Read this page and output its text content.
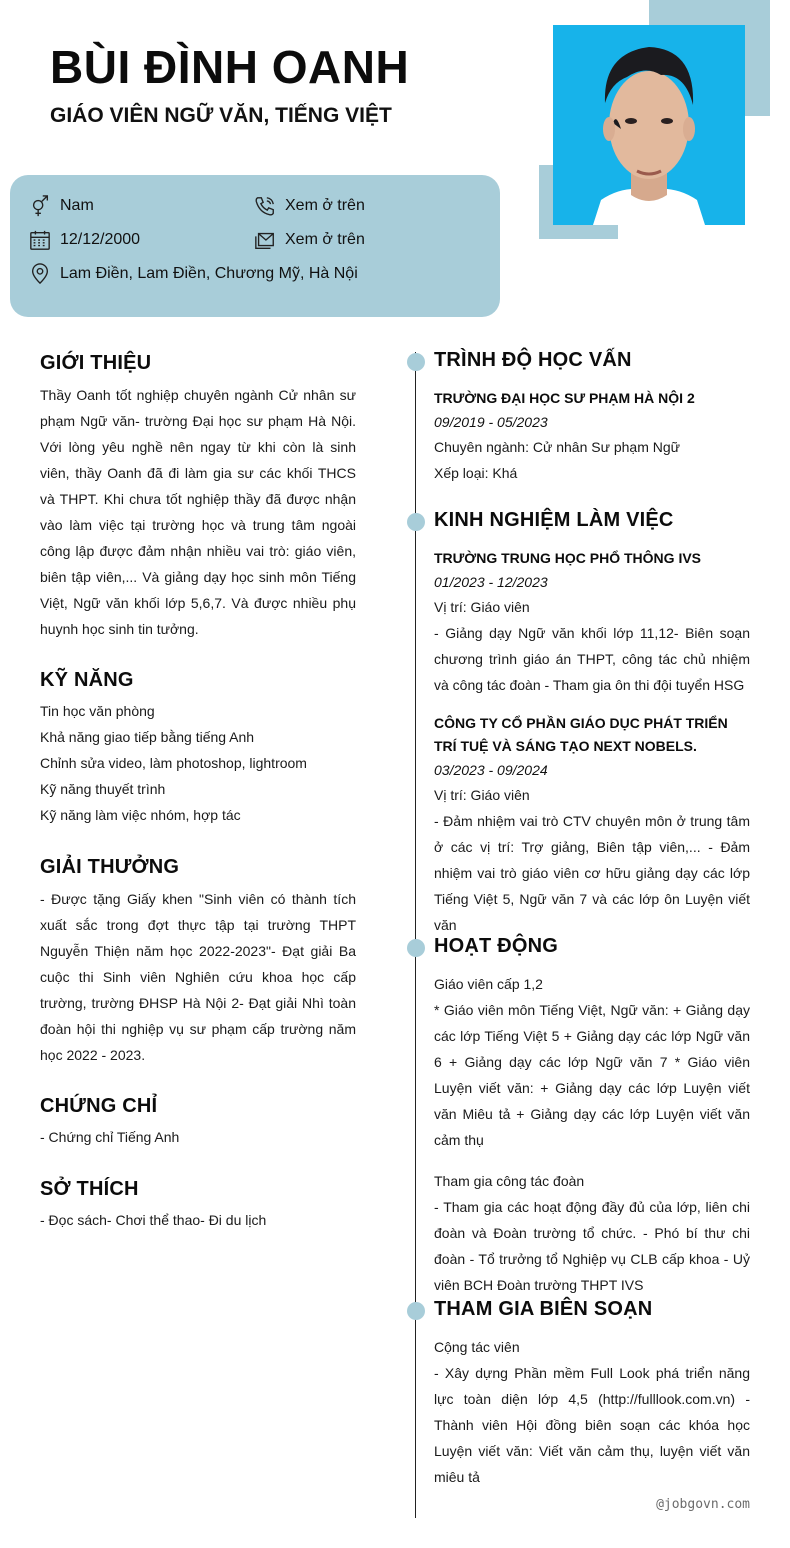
BÙI ĐÌNH OANH
GIÁO VIÊN NGỮ VĂN, TIẾNG VIỆT
Nam	Xem ở trên
12/12/2000	Xem ở trên
Lam Điền, Lam Điền, Chương Mỹ, Hà Nội
GIỚI THIỆU
Thầy Oanh tốt nghiệp chuyên ngành Cử nhân sư phạm Ngữ văn- trường Đại học sư phạm Hà Nội. Với lòng yêu nghề nên ngay từ khi còn là sinh viên, thầy Oanh đã đi làm gia sư các khối THCS và THPT. Khi chưa tốt nghiệp thầy đã được nhận vào làm việc tại trường học và trung tâm ngoài công lập được đảm nhận nhiều vai trò: giáo viên, biên tập viên,... Và giảng dạy học sinh môn Tiếng Việt, Ngữ văn khối lớp 5,6,7. Và được nhiều phụ huynh học sinh tin tưởng.
KỸ NĂNG
Tin học văn phòng
Khả năng giao tiếp bằng tiếng Anh
Chỉnh sửa video, làm photoshop, lightroom
Kỹ năng thuyết trình
Kỹ năng làm việc nhóm, hợp tác
GIẢI THƯỞNG
- Được tặng Giấy khen "Sinh viên có thành tích xuất sắc trong đợt thực tập tại trường THPT Nguyễn Thiện năm học 2022-2023"- Đạt giải Ba cuộc thi Sinh viên Nghiên cứu khoa học cấp trường, trường ĐHSP Hà Nội 2- Đạt giải Nhì toàn đoàn hội thi nghiệp vụ sư phạm cấp trường năm học 2022 - 2023.
CHỨNG CHỈ
- Chứng chỉ Tiếng Anh
SỞ THÍCH
- Đọc sách- Chơi thể thao- Đi du lịch
TRÌNH ĐỘ HỌC VẤN
TRƯỜNG ĐẠI HỌC SƯ PHẠM HÀ NỘI 2
09/2019 - 05/2023
Chuyên ngành: Cử nhân Sư phạm Ngữ
Xếp loại: Khá
KINH NGHIỆM LÀM VIỆC
TRƯỜNG TRUNG HỌC PHỔ THÔNG IVS
01/2023 - 12/2023
Vị trí: Giáo viên
- Giảng dạy Ngữ văn khối lớp 11,12- Biên soạn chương trình giáo án THPT, công tác chủ nhiệm và công tác đoàn - Tham gia ôn thi đội tuyển HSG
CÔNG TY CỔ PHẦN GIÁO DỤC PHÁT TRIỂN TRÍ TUỆ VÀ SÁNG TẠO NEXT NOBELS.
03/2023 - 09/2024
Vị trí: Giáo viên
- Đảm nhiệm vai trò CTV chuyên môn ở trung tâm ở các vị trí: Trợ giảng, Biên tập viên,... - Đảm nhiệm vai trò giáo viên cơ hữu giảng dạy các lớp Tiếng Việt 5, Ngữ văn 7 và các lớp ôn Luyện viết văn
HOẠT ĐỘNG
Giáo viên cấp 1,2
* Giáo viên môn Tiếng Việt, Ngữ văn: + Giảng dạy các lớp Tiếng Việt 5 + Giảng dạy các lớp Ngữ văn 6 + Giảng dạy các lớp Ngữ văn 7 * Giáo viên Luyện viết văn: + Giảng dạy các lớp Luyện viết văn Miêu tả + Giảng dạy các lớp Luyện viết văn cảm thụ
Tham gia công tác đoàn
- Tham gia các hoạt động đầy đủ của lớp, liên chi đoàn và Đoàn trường tổ chức. - Phó bí thư chi đoàn - Tổ trưởng tổ Nghiệp vụ CLB cấp khoa - Uỷ viên BCH Đoàn trường THPT IVS
THAM GIA BIÊN SOẠN
Cộng tác viên
- Xây dựng Phần mềm Full Look phá triển năng lực toàn diện lớp 4,5 (http://fulllook.com.vn) - Thành viên Hội đồng biên soạn các khóa học Luyện viết văn: Viết văn cảm thụ, luyện viết văn miêu tả
@jobgovn.com
